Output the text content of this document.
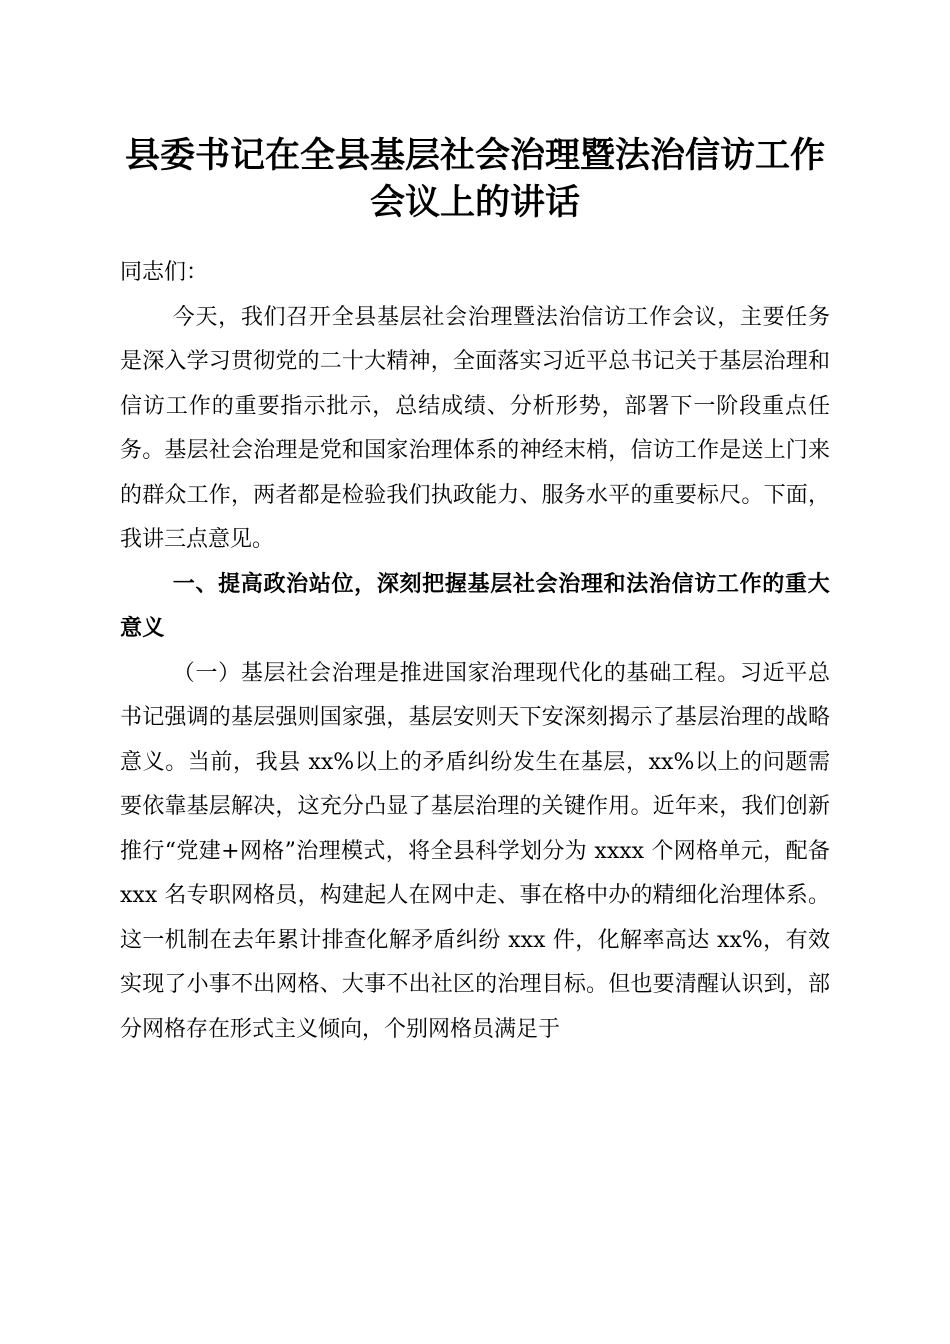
县委书记在全县基层社会治理暨法治信访工作
会议上的讲话

同志们：

今天，我们召开全县基层社会治理暨法治信访工作会议，主要任务是深入学习贯彻党的二十大精神，全面落实习近平总书记关于基层治理和信访工作的重要指示批示，总结成绩、分析形势，部署下一阶段重点任务。基层社会治理是党和国家治理体系的神经末梢，信访工作是送上门来的群众工作，两者都是检验我们执政能力、服务水平的重要标尺。下面，我讲三点意见。

一、提高政治站位，深刻把握基层社会治理和法治信访工作的重大意义

（一）基层社会治理是推进国家治理现代化的基础工程。习近平总书记强调的基层强则国家强，基层安则天下安深刻揭示了基层治理的战略意义。当前，我县 xx%以上的矛盾纠纷发生在基层，xx%以上的问题需要依靠基层解决，这充分凸显了基层治理的关键作用。近年来，我们创新推行“党建+网格”治理模式，将全县科学划分为 xxxx 个网格单元，配备 xxx 名专职网格员，构建起人在网中走、事在格中办的精细化治理体系。这一机制在去年累计排查化解矛盾纠纷 xxx 件，化解率高达 xx%，有效实现了小事不出网格、大事不出社区的治理目标。但也要清醒认识到，部分网格存在形式主义倾向，个别网格员满足于
